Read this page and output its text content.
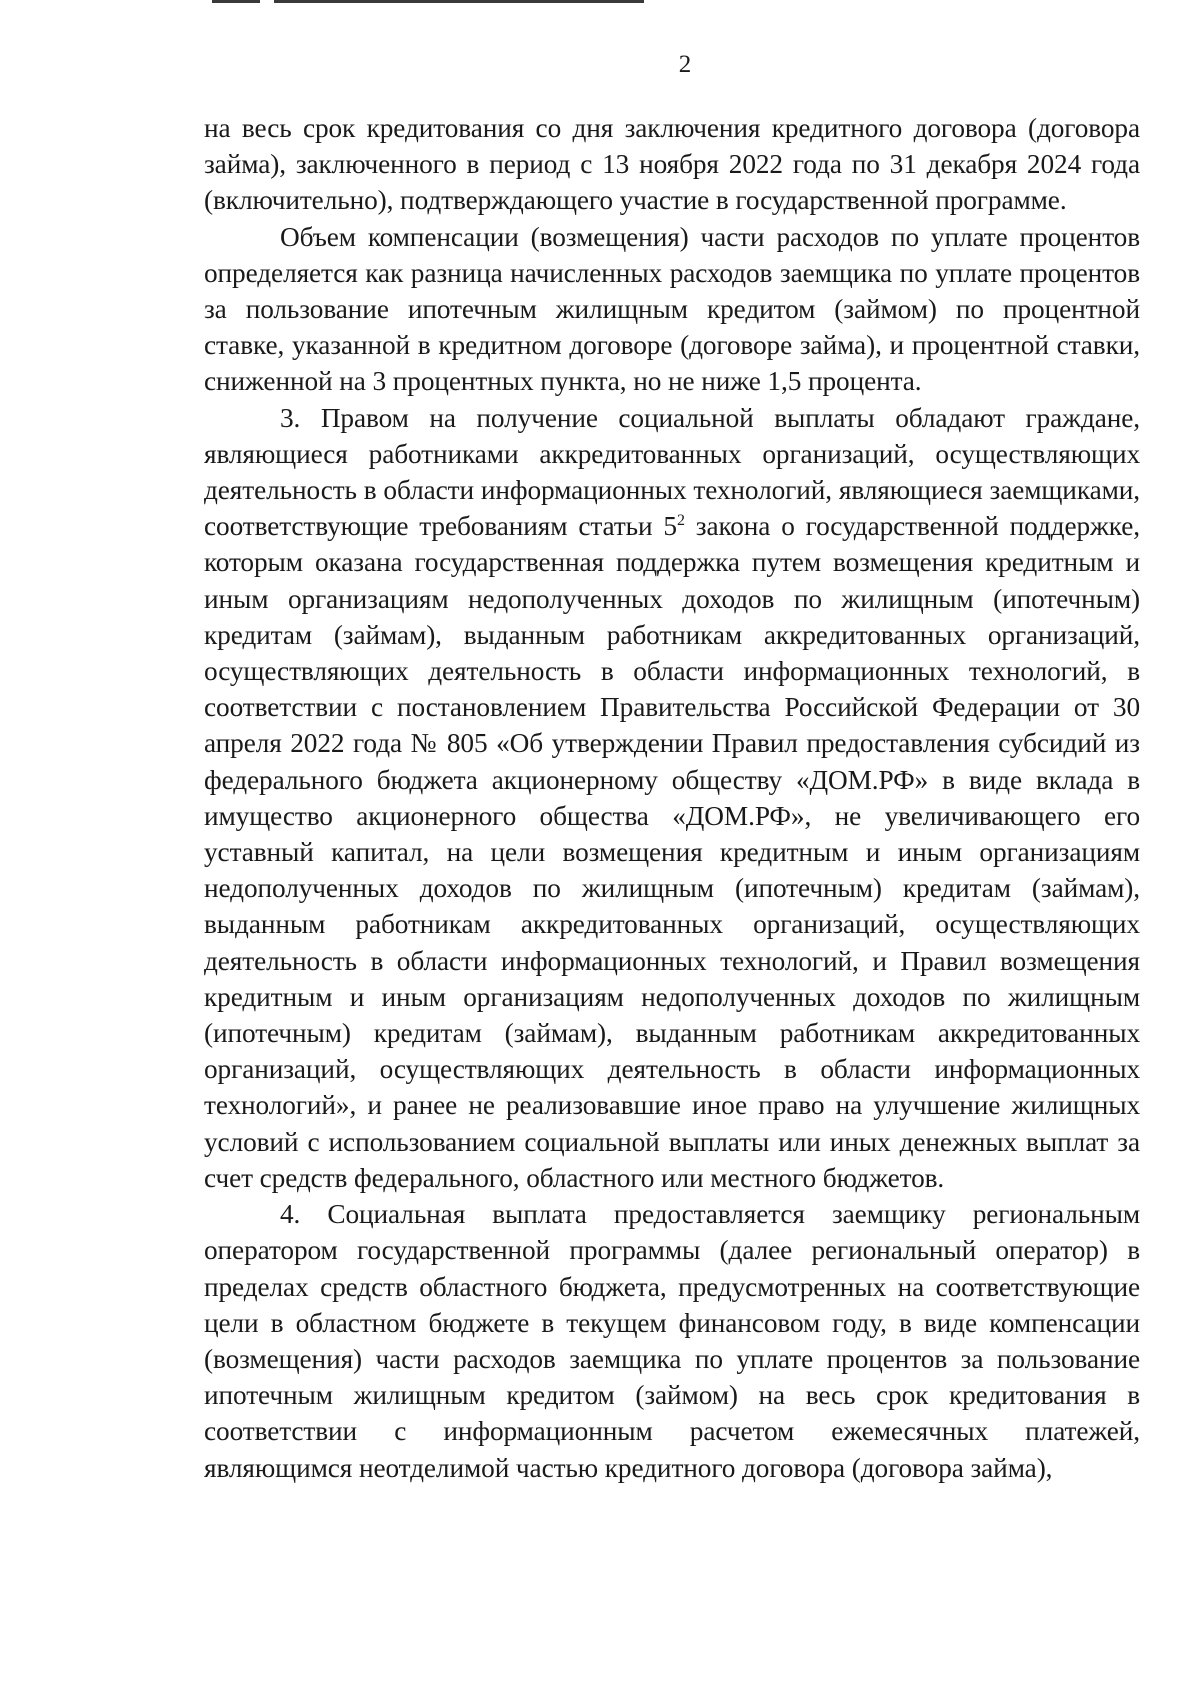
2

на весь срок кредитования со дня заключения кредитного договора (договора займа), заключенного в период с 13 ноября 2022 года по 31 декабря 2024 года (включительно), подтверждающего участие в государственной программе.

Объем компенсации (возмещения) части расходов по уплате процентов определяется как разница начисленных расходов заемщика по уплате процентов за пользование ипотечным жилищным кредитом (займом) по процентной ставке, указанной в кредитном договоре (договоре займа), и процентной ставки, сниженной на 3 процентных пункта, но не ниже 1,5 процента.

3. Правом на получение социальной выплаты обладают граждане, являющиеся работниками аккредитованных организаций, осуществляющих деятельность в области информационных технологий, являющиеся заемщиками, соответствующие требованиям статьи $5^2$ закона о государственной поддержке, которым оказана государственная поддержка путем возмещения кредитным и иным организациям недополученных доходов по жилищным (ипотечным) кредитам (займам), выданным работникам аккредитованных организаций, осуществляющих деятельность в области информационных технологий, в соответствии с постановлением Правительства Российской Федерации от 30 апреля 2022 года № 805 «Об утверждении Правил предоставления субсидий из федерального бюджета акционерному обществу «ДОМ.РФ» в виде вклада в имущество акционерного общества «ДОМ.РФ», не увеличивающего его уставный капитал, на цели возмещения кредитным и иным организациям недополученных доходов по жилищным (ипотечным) кредитам (займам), выданным работникам аккредитованных организаций, осуществляющих деятельность в области информационных технологий, и Правил возмещения кредитным и иным организациям недополученных доходов по жилищным (ипотечным) кредитам (займам), выданным работникам аккредитованных организаций, осуществляющих деятельность в области информационных технологий», и ранее не реализовавшие иное право на улучшение жилищных условий с использованием социальной выплаты или иных денежных выплат за счет средств федерального, областного или местного бюджетов.

4. Социальная выплата предоставляется заемщику региональным оператором государственной программы (далее региональный оператор) в пределах средств областного бюджета, предусмотренных на соответствующие цели в областном бюджете в текущем финансовом году, в виде компенсации (возмещения) части расходов заемщика по уплате процентов за пользование ипотечным жилищным кредитом (займом) на весь срок кредитования в соответствии с информационным расчетом ежемесячных платежей, являющимся неотделимой частью кредитного договора (договора займа),
